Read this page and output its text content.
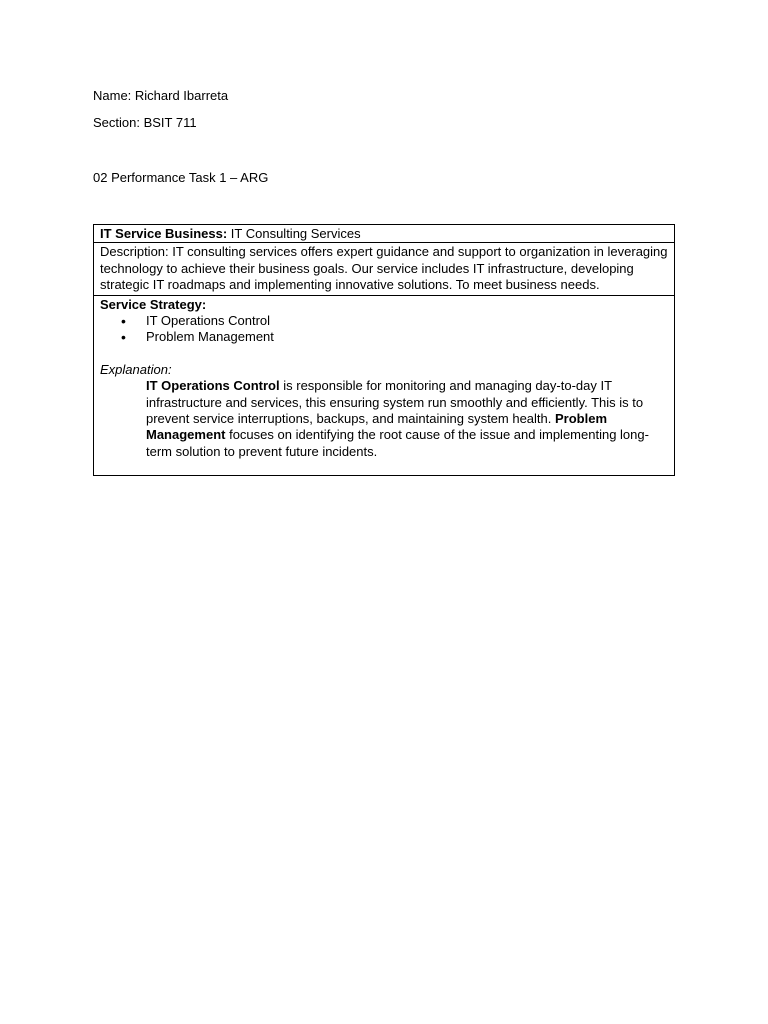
Name: Richard Ibarreta
Section: BSIT 711
02 Performance Task 1 – ARG
IT Service Business: IT Consulting Services
Description: IT consulting services offers expert guidance and support to organization in leveraging technology to achieve their business goals. Our service includes IT infrastructure, developing strategic IT roadmaps and implementing innovative solutions. To meet business needs.
Service Strategy:
• IT Operations Control
• Problem Management
Explanation:
IT Operations Control is responsible for monitoring and managing day-to-day IT infrastructure and services, this ensuring system run smoothly and efficiently. This is to prevent service interruptions, backups, and maintaining system health. Problem Management focuses on identifying the root cause of the issue and implementing long-term solution to prevent future incidents.
